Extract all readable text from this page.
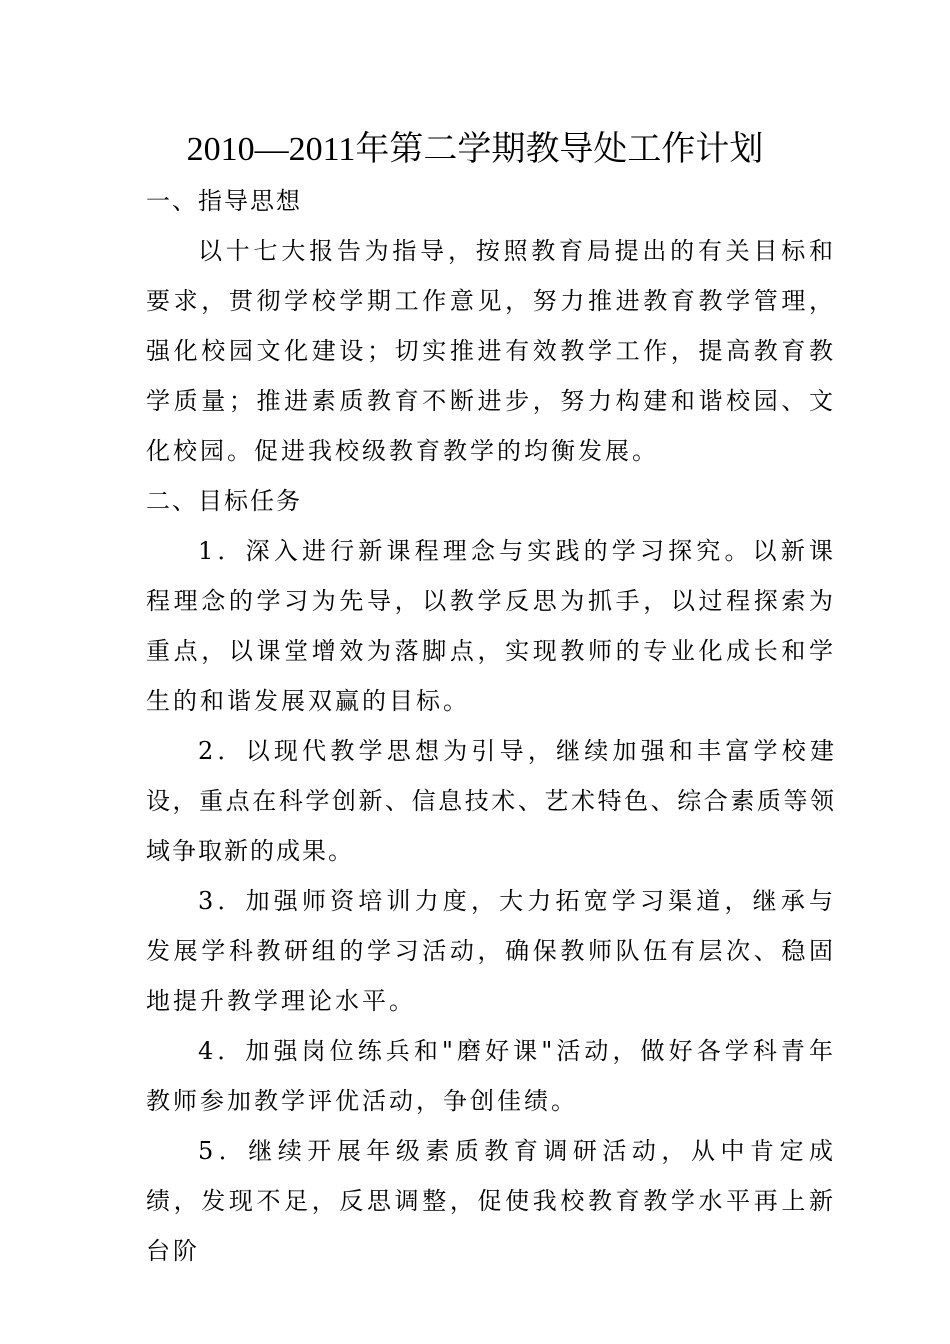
2010—2011年第二学期教导处工作计划
一、指导思想

以十七大报告为指导，按照教育局提出的有关目标和要求，贯彻学校学期工作意见，努力推进教育教学管理，强化校园文化建设；切实推进有效教学工作，提高教育教学质量；推进素质教育不断进步，努力构建和谐校园、文化校园。促进我校级教育教学的均衡发展。

二、目标任务

1．深入进行新课程理念与实践的学习探究。以新课程理念的学习为先导，以教学反思为抓手，以过程探索为重点，以课堂增效为落脚点，实现教师的专业化成长和学生的和谐发展双赢的目标。

2．以现代教学思想为引导，继续加强和丰富学校建设，重点在科学创新、信息技术、艺术特色、综合素质等领域争取新的成果。

3．加强师资培训力度，大力拓宽学习渠道，继承与发展学科教研组的学习活动，确保教师队伍有层次、稳固地提升教学理论水平。

4．加强岗位练兵和"磨好课"活动，做好各学科青年教师参加教学评优活动，争创佳绩。

5．继续开展年级素质教育调研活动，从中肯定成绩，发现不足，反思调整，促使我校教育教学水平再上新台阶
